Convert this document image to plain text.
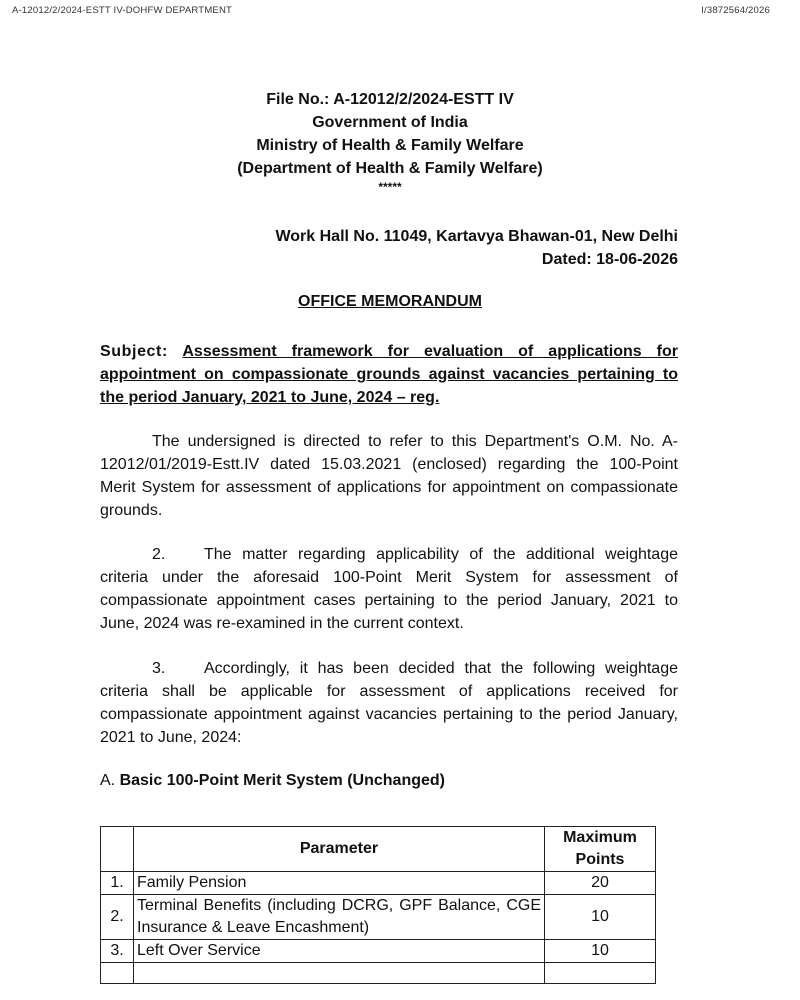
A-12012/2/2024-ESTT IV-DOHFW DEPARTMENT	I/3872564/2026
File No.: A-12012/2/2024-ESTT IV
Government of India
Ministry of Health & Family Welfare
(Department of Health & Family Welfare)
*****
Work Hall No. 11049, Kartavya Bhawan-01, New Delhi
Dated: 18-06-2026
OFFICE MEMORANDUM
Subject: Assessment framework for evaluation of applications for appointment on compassionate grounds against vacancies pertaining to the period January, 2021 to June, 2024 – reg.
The undersigned is directed to refer to this Department's O.M. No. A-12012/01/2019-Estt.IV dated 15.03.2021 (enclosed) regarding the 100-Point Merit System for assessment of applications for appointment on compassionate grounds.
2. The matter regarding applicability of the additional weightage criteria under the aforesaid 100-Point Merit System for assessment of compassionate appointment cases pertaining to the period January, 2021 to June, 2024 was re-examined in the current context.
3. Accordingly, it has been decided that the following weightage criteria shall be applicable for assessment of applications received for compassionate appointment against vacancies pertaining to the period January, 2021 to June, 2024:
A. Basic 100-Point Merit System (Unchanged)
	Parameter	Maximum Points
1.	Family Pension	20
2.	Terminal Benefits (including DCRG, GPF Balance, CGE Insurance & Leave Encashment)	10
3.	Left Over Service	10
